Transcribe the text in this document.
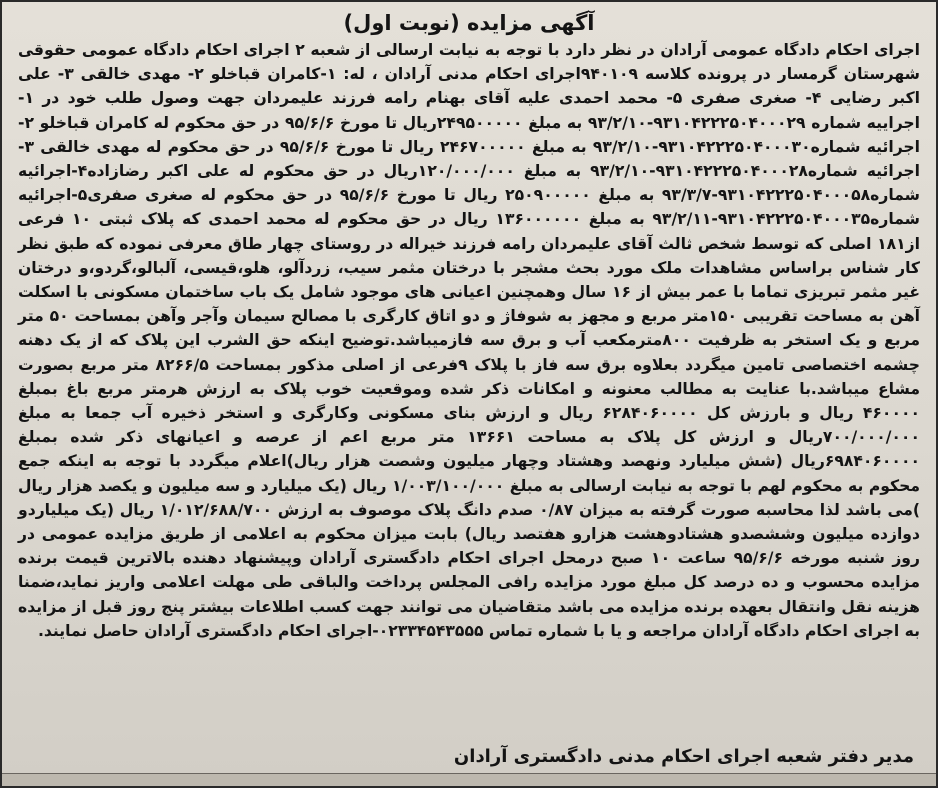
آگهی مزایده (نوبت اول)

اجرای احکام دادگاه عمومی آرادان در نظر دارد با توجه به نیابت ارسالی از شعبه ۲ اجرای احکام دادگاه عمومی حقوقی شهرستان گرمسار در پرونده کلاسه ۹۴۰۱۰۹اجرای احکام مدنی آرادان ، له: ۱-کامران قباخلو ۲- مهدی خالقی ۳- علی اکبر رضایی ۴- صغری صفری ۵- محمد احمدی علیه آقای بهنام رامه فرزند علیمردان جهت وصول طلب خود در ۱- اجراییه شماره ۹۳۱۰۴۲۲۲۵۰۴۰۰۰۲۹-۹۳/۲/۱۰ به مبلغ ۲۴۹۵۰۰۰۰۰ریال تا مورخ ۹۵/۶/۶ در حق محکوم له کامران قباخلو ۲-اجرائیه شماره۹۳۱۰۴۲۲۲۵۰۴۰۰۰۳۰-۹۳/۲/۱۰ به مبلغ ۲۴۶۷۰۰۰۰۰ ریال تا مورخ ۹۵/۶/۶ در حق محکوم له مهدی خالقی ۳- اجرائیه شماره۹۳۱۰۴۲۲۲۵۰۴۰۰۰۲۸-۹۳/۲/۱۰ به مبلغ ۱۲۰/۰۰۰/۰۰۰ریال در حق محکوم له علی اکبر رضازاده۴-اجرائیه شماره۹۳۱۰۴۲۲۲۵۰۴۰۰۰۵۸-۹۳/۳/۷ به مبلغ ۲۵۰۹۰۰۰۰۰ ریال تا مورخ ۹۵/۶/۶ در حق محکوم له صغری صفری۵-اجرائیه شماره۹۳۱۰۴۲۲۲۵۰۴۰۰۰۳۵-۹۳/۲/۱۱ به مبلغ ۱۳۶۰۰۰۰۰۰ ریال در حق محکوم له محمد احمدی که پلاک ثبتی ۱۰ فرعی از۱۸۱ اصلی که توسط شخص ثالث آقای علیمردان رامه فرزند خیراله در روستای چهار طاق معرفی نموده که طبق نظر کار شناس براساس مشاهدات ملک مورد بحث مشجر با درختان مثمر سیب، زردآلو، هلو،قیسی، آلبالو،گردو،و درختان غیر مثمر تبریزی تماما با عمر بیش از ۱۶ سال وهمچنین اعیانی های موجود شامل یک باب ساختمان مسکونی با اسکلت آهن به مساحت تقریبی ۱۵۰متر مربع و مجهز به شوفاژ و دو اتاق کارگری با مصالح سیمان وآجر وآهن بمساحت ۵۰ متر مربع و یک استخر به ظرفیت ۸۰۰مترمکعب آب و برق سه فازمیباشد.توضیح اینکه حق الشرب این پلاک که از یک دهنه چشمه اختصاصی تامین میگردد بعلاوه برق سه فاز با پلاک ۹فرعی از اصلی مذکور بمساحت ۸۲۶۶/۵ متر مربع بصورت مشاع میباشد.با عنایت به مطالب معنونه و امکانات ذکر شده وموقعیت خوب پلاک به ارزش هرمتر مربع باغ بمبلغ ۴۶۰۰۰۰ ریال و بارزش کل ۶۲۸۴۰۶۰۰۰۰ ریال و ارزش بنای مسکونی وکارگری و استخر ذخیره آب جمعا به مبلغ ۷۰۰/۰۰۰/۰۰۰ریال و ارزش کل پلاک به مساحت ۱۳۶۶۱ متر مربع اعم از عرصه و اعیانهای ذکر شده بمبلغ ۶۹۸۴۰۶۰۰۰۰ریال (شش میلیارد ونهصد وهشتاد وچهار میلیون وشصت هزار ریال)اعلام میگردد با توجه به اینکه جمع محکوم به محکوم لهم با توجه به نیابت ارسالی به مبلغ ۱/۰۰۳/۱۰۰/۰۰۰ ریال (یک میلیارد و سه میلیون و یکصد هزار ریال )می باشد لذا محاسبه صورت گرفته به میزان ۰/۸۷ صدم دانگ پلاک موصوف به ارزش ۱/۰۱۲/۶۸۸/۷۰۰ ریال (یک میلیاردو دوازده میلیون وششصدو هشتادوهشت هزارو هفتصد ریال) بابت میزان محکوم به اعلامی از طریق مزایده عمومی در روز شنبه مورخه ۹۵/۶/۶ ساعت ۱۰ صبح درمحل اجرای احکام دادگستری آرادان وپیشنهاد دهنده بالاترین قیمت برنده مزایده محسوب و ده درصد کل مبلغ مورد مزایده رافی المجلس پرداخت والباقی طی مهلت اعلامی واریز نماید،ضمنا هزینه نقل وانتقال بعهده برنده مزایده می باشد متقاضیان می توانند جهت کسب اطلاعات بیشتر پنج روز قبل از مزایده به اجرای احکام دادگاه آرادان مراجعه و یا با شماره تماس ۰۲۳۳۴۵۴۳۵۵۵-اجرای احکام دادگستری آرادان حاصل نمایند.

مدیر دفتر شعبه اجرای احکام مدنی دادگستری آرادان
